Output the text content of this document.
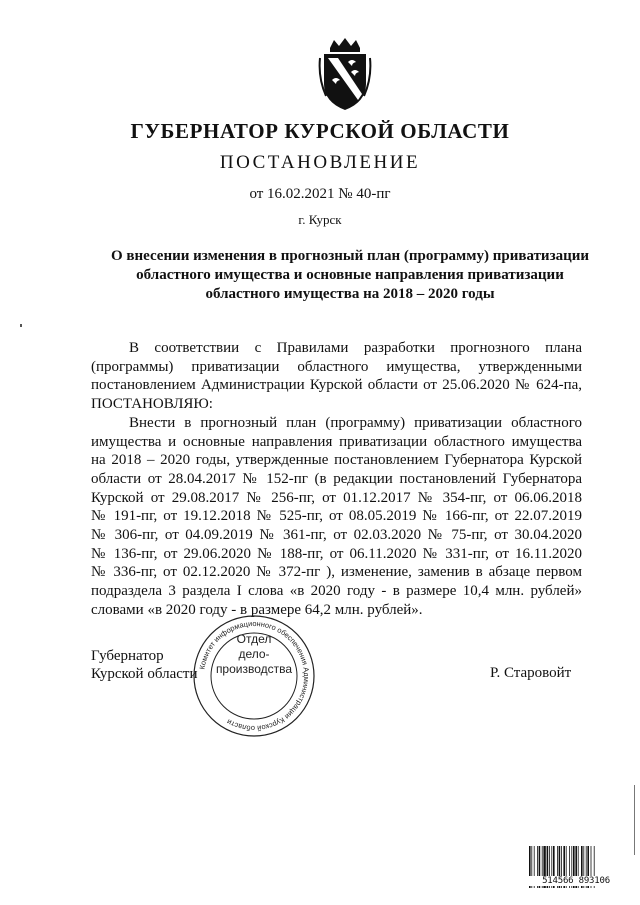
ГУБЕРНАТОР КУРСКОЙ ОБЛАСТИ
ПОСТАНОВЛЕНИЕ
от 16.02.2021 № 40-пг
г. Курск
О внесении изменения в прогнозный план (программу) приватизации
областного имущества и основные направления приватизации
областного имущества на 2018 – 2020 годы

В соответствии с Правилами разработки прогнозного плана
(программы) приватизации областного имущества, утвержденными
постановлением Администрации Курской области от 25.06.2020 № 624-па,
ПОСТАНОВЛЯЮ:

Внести в прогнозный план (программу) приватизации областного
имущества и основные направления приватизации областного имущества
на 2018 – 2020 годы, утвержденные постановлением Губернатора Курской
области от 28.04.2017 № 152-пг (в редакции постановлений Губернатора
Курской от 29.08.2017 № 256-пг, от 01.12.2017 № 354-пг, от 06.06.2018
№ 191-пг, от 19.12.2018 № 525-пг, от 08.05.2019 № 166-пг, от 22.07.2019
№ 306-пг, от 04.09.2019 № 361-пг, от 02.03.2020 № 75-пг, от 30.04.2020
№ 136-пг, от 29.06.2020 № 188-пг, от 06.11.2020 № 331-пг, от 16.11.2020
№ 336-пг, от 02.12.2020 № 372-пг ), изменение, заменив в абзаце первом
подраздела 3 раздела I слова «в 2020 году - в размере 10,4 млн. рублей»
словами «в 2020 году - в размере 64,2 млн. рублей».

Комитет информационного обеспечения Администрации Курской области
Отдел
дело-
производства
Губернатор
Курской области	Р. Старовойт
514566 893106
